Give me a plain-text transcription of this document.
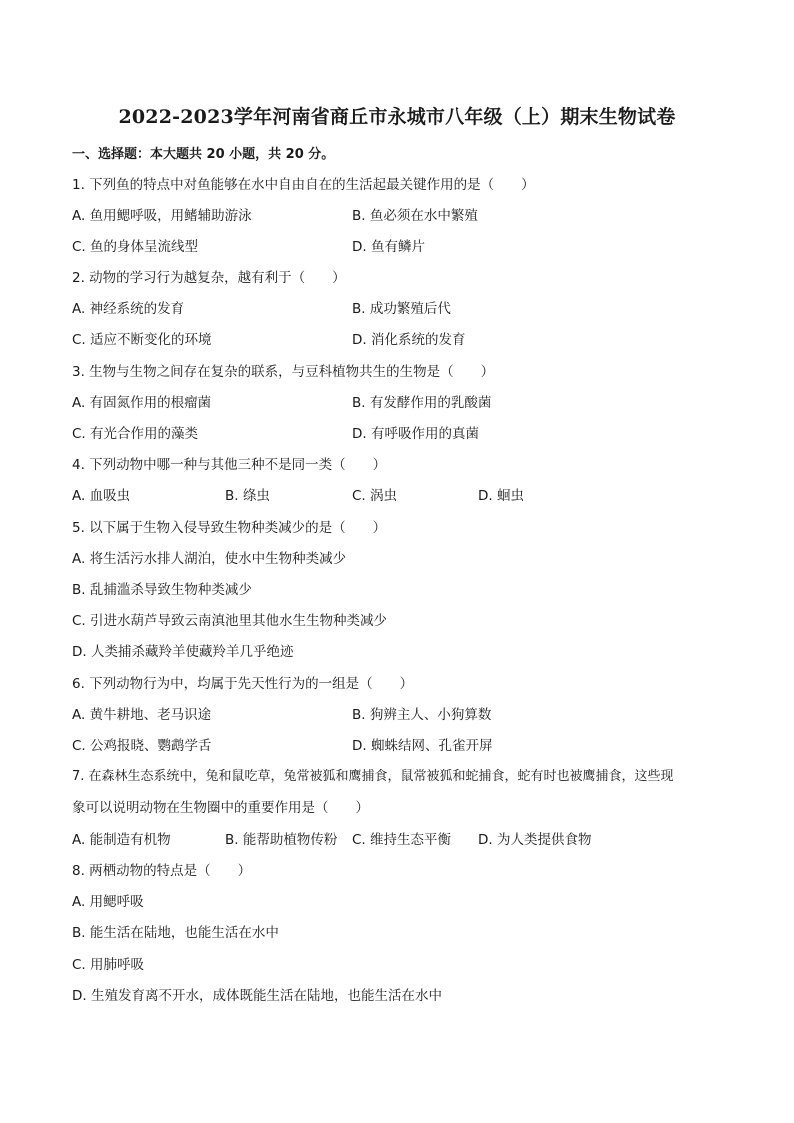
2022-2023学年河南省商丘市永城市八年级（上）期末生物试卷
一、选择题：本大题共 20 小题，共 20 分。
1. 下列鱼的特点中对鱼能够在水中自由自在的生活起最关键作用的是（　　）
A. 鱼用鳃呼吸，用鳍辅助游泳	B. 鱼必须在水中繁殖
C. 鱼的身体呈流线型	D. 鱼有鳞片
2. 动物的学习行为越复杂，越有利于（　　）
A. 神经系统的发育	B. 成功繁殖后代
C. 适应不断变化的环境	D. 消化系统的发育
3. 生物与生物之间存在复杂的联系，与豆科植物共生的生物是（　　）
A. 有固氮作用的根瘤菌	B. 有发酵作用的乳酸菌
C. 有光合作用的藻类	D. 有呼吸作用的真菌
4. 下列动物中哪一种与其他三种不是同一类（　　）
A. 血吸虫	B. 绦虫	C. 涡虫	D. 蛔虫
5. 以下属于生物入侵导致生物种类减少的是（　　）
A. 将生活污水排人湖泊，使水中生物种类减少
B. 乱捕滥杀导致生物种类减少
C. 引进水葫芦导致云南滇池里其他水生生物种类减少
D. 人类捕杀藏羚羊使藏羚羊几乎绝迹
6. 下列动物行为中，均属于先天性行为的一组是（　　）
A. 黄牛耕地、老马识途	B. 狗辨主人、小狗算数
C. 公鸡报晓、鹦鹉学舌	D. 蜘蛛结网、孔雀开屏
7. 在森林生态系统中，兔和鼠吃草，兔常被狐和鹰捕食，鼠常被狐和蛇捕食，蛇有时也被鹰捕食，这些现
象可以说明动物在生物圈中的重要作用是（　　）
A. 能制造有机物	B. 能帮助植物传粉 C. 维持生态平衡 D. 为人类提供食物
8. 两栖动物的特点是（　　）
A. 用鳃呼吸
B. 能生活在陆地，也能生活在水中
C. 用肺呼吸
D. 生殖发育离不开水，成体既能生活在陆地，也能生活在水中
